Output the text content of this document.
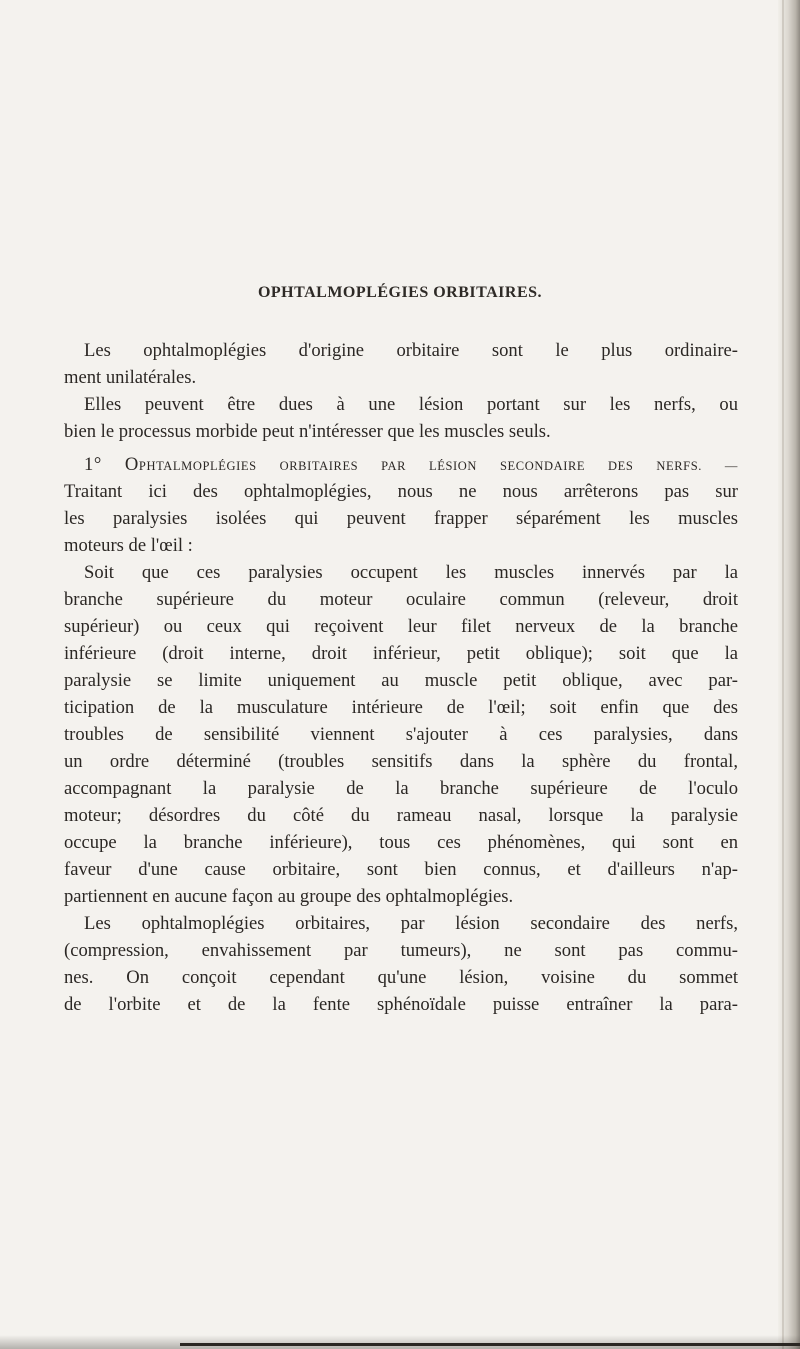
OPHTALMOPLÉGIES ORBITAIRES.
Les ophtalmoplégies d'origine orbitaire sont le plus ordinaire-
ment unilatérales.
Elles peuvent être dues à une lésion portant sur les nerfs, ou
bien le processus morbide peut n'intéresser que les muscles seuls.
1° OPHTALMOPLÉGIES ORBITAIRES PAR LÉSION SECONDAIRE DES NERFS. —
Traitant ici des ophtalmoplégies, nous ne nous arrêterons pas sur
les paralysies isolées qui peuvent frapper séparément les muscles
moteurs de l'œil :
Soit que ces paralysies occupent les muscles innervés par la
branche supérieure du moteur oculaire commun (releveur, droit
supérieur) ou ceux qui reçoivent leur filet nerveux de la branche
inférieure (droit interne, droit inférieur, petit oblique); soit que la
paralysie se limite uniquement au muscle petit oblique, avec par-
ticipation de la musculature intérieure de l'œil; soit enfin que des
troubles de sensibilité viennent s'ajouter à ces paralysies, dans
un ordre déterminé (troubles sensitifs dans la sphère du frontal,
accompagnant la paralysie de la branche supérieure de l'oculo
moteur; désordres du côté du rameau nasal, lorsque la paralysie
occupe la branche inférieure), tous ces phénomènes, qui sont en
faveur d'une cause orbitaire, sont bien connus, et d'ailleurs n'ap-
partiennent en aucune façon au groupe des ophtalmoplégies.
Les ophtalmoplégies orbitaires, par lésion secondaire des nerfs,
(compression, envahissement par tumeurs), ne sont pas commu-
nes. On conçoit cependant qu'une lésion, voisine du sommet
de l'orbite et de la fente sphénoïdale puisse entraîner la para-
